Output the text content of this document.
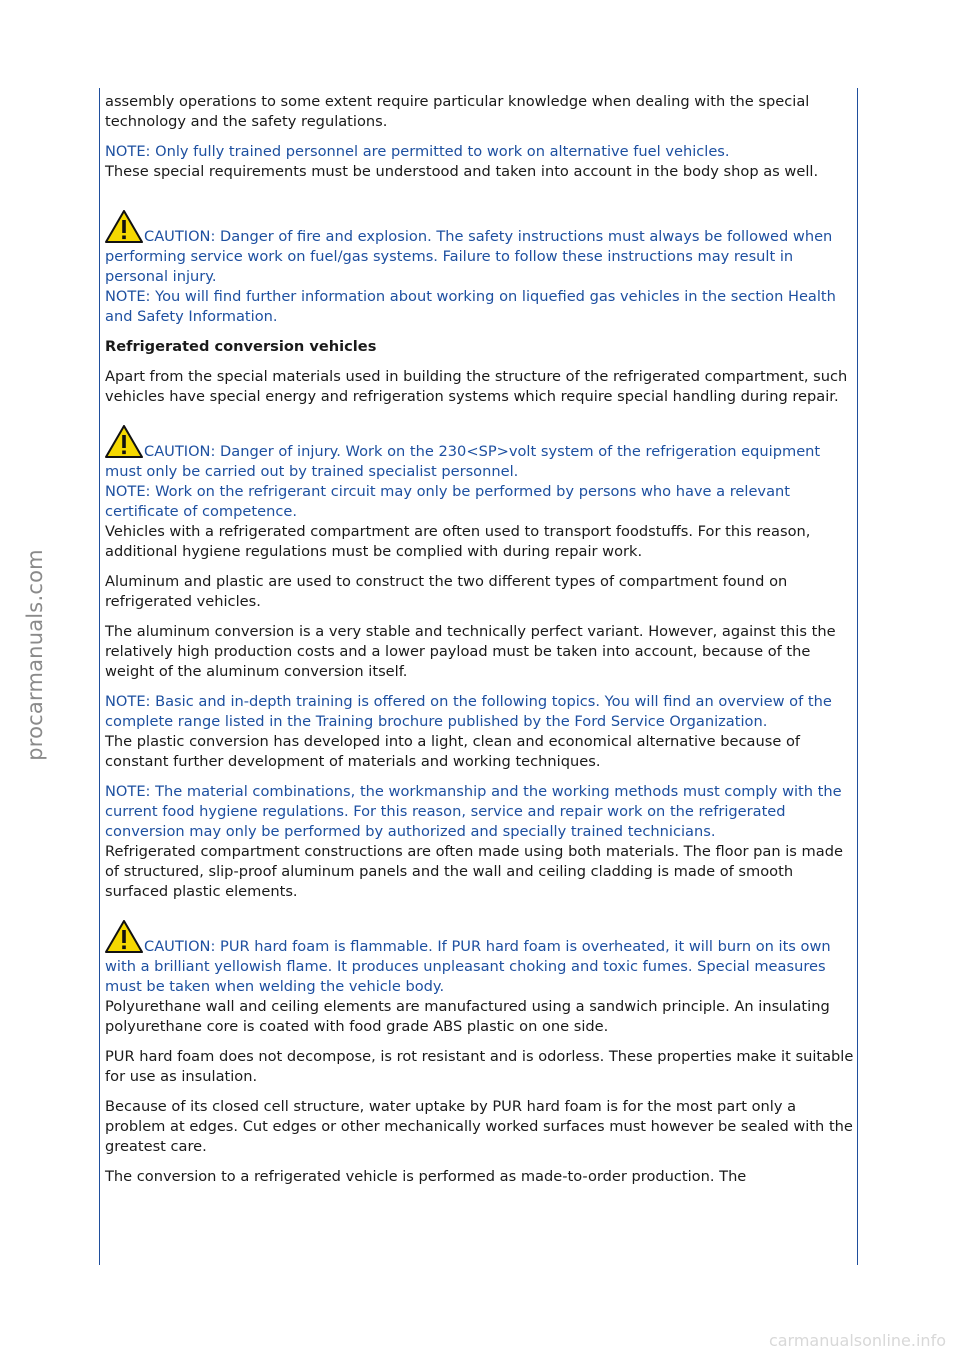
procarmanuals.com

assembly operations to some extent require particular knowledge when dealing with the special technology and the safety regulations.

NOTE: Only fully trained personnel are permitted to work on alternative fuel vehicles.

These special requirements must be understood and taken into account in the body shop as well.

CAUTION: Danger of fire and explosion. The safety instructions must always be followed when performing service work on fuel/gas systems. Failure to follow these instructions may result in personal injury.

NOTE: You will find further information about working on liquefied gas vehicles in the section Health and Safety Information.

Refrigerated conversion vehicles

Apart from the special materials used in building the structure of the refrigerated compartment, such vehicles have special energy and refrigeration systems which require special handling during repair.

CAUTION: Danger of injury. Work on the 230<SP>volt system of the refrigeration equipment must only be carried out by trained specialist personnel.

NOTE: Work on the refrigerant circuit may only be performed by persons who have a relevant certificate of competence.

Vehicles with a refrigerated compartment are often used to transport foodstuffs. For this reason, additional hygiene regulations must be complied with during repair work.

Aluminum and plastic are used to construct the two different types of compartment found on refrigerated vehicles.

The aluminum conversion is a very stable and technically perfect variant. However, against this the relatively high production costs and a lower payload must be taken into account, because of the weight of the aluminum conversion itself.

NOTE: Basic and in-depth training is offered on the following topics. You will find an overview of the complete range listed in the Training brochure published by the Ford Service Organization.

The plastic conversion has developed into a light, clean and economical alternative because of constant further development of materials and working techniques.

NOTE: The material combinations, the workmanship and the working methods must comply with the current food hygiene regulations. For this reason, service and repair work on the refrigerated conversion may only be performed by authorized and specially trained technicians.

Refrigerated compartment constructions are often made using both materials. The floor pan is made of structured, slip-proof aluminum panels and the wall and ceiling cladding is made of smooth surfaced plastic elements.

CAUTION: PUR hard foam is flammable. If PUR hard foam is overheated, it will burn on its own with a brilliant yellowish flame. It produces unpleasant choking and toxic fumes. Special measures must be taken when welding the vehicle body.

Polyurethane wall and ceiling elements are manufactured using a sandwich principle. An insulating polyurethane core is coated with food grade ABS plastic on one side.

PUR hard foam does not decompose, is rot resistant and is odorless. These properties make it suitable for use as insulation.

Because of its closed cell structure, water uptake by PUR hard foam is for the most part only a problem at edges. Cut edges or other mechanically worked surfaces must however be sealed with the greatest care.

The conversion to a refrigerated vehicle is performed as made-to-order production. The

carmanualsonline.info
